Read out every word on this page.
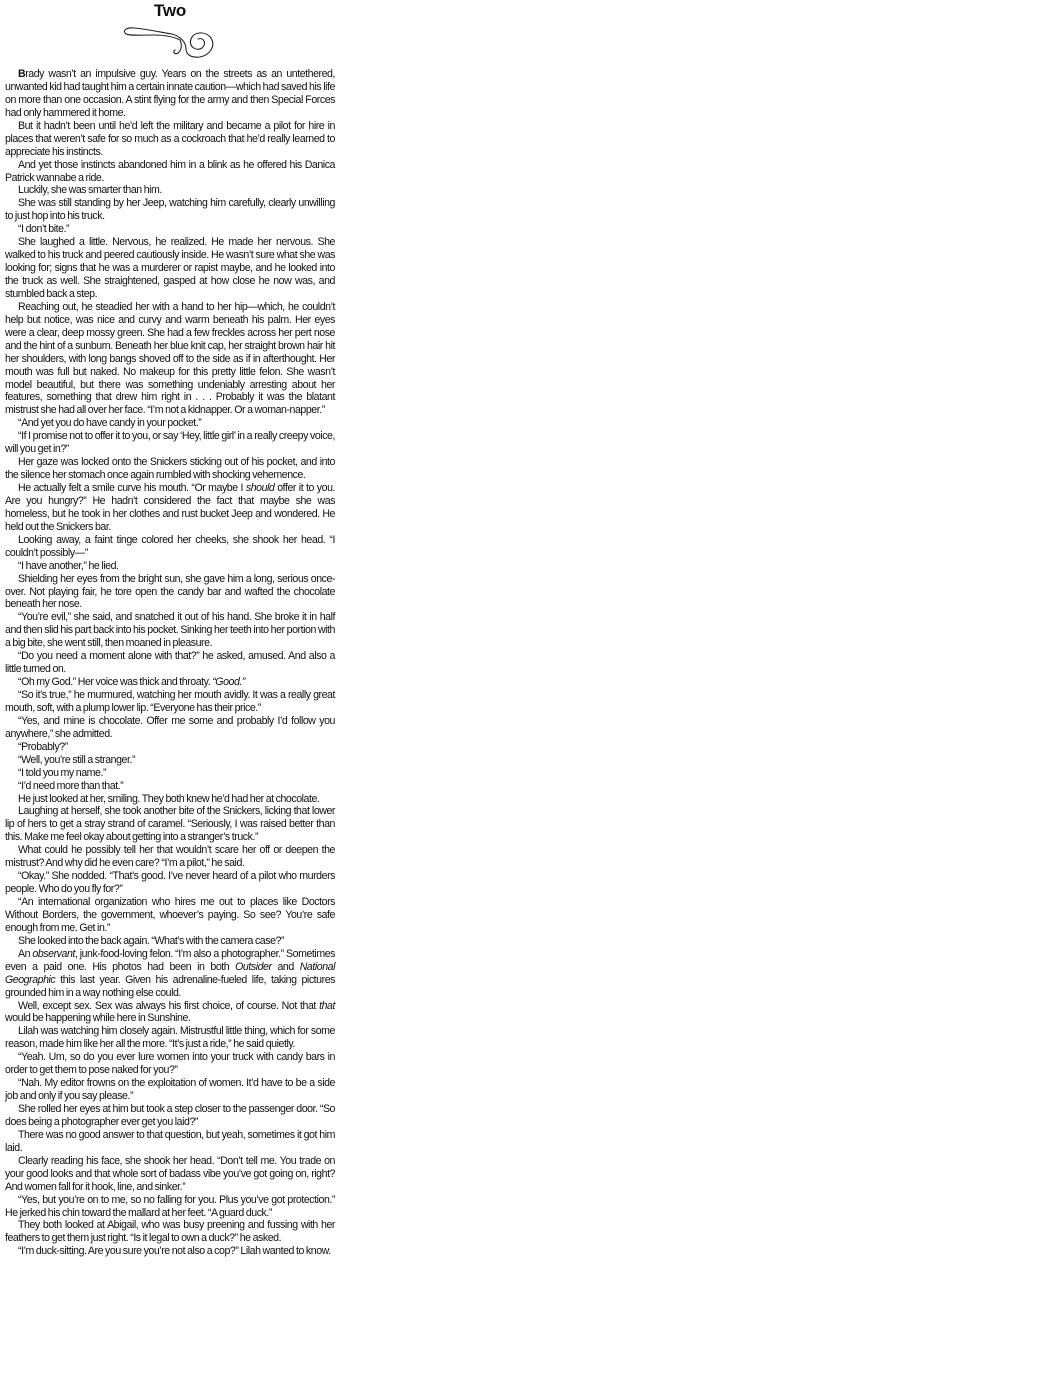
Two

Brady wasn’t an impulsive guy. Years on the streets as an untethered, unwanted kid had taught him a certain innate caution—which had saved his life on more than one occasion. A stint flying for the army and then Special Forces had only hammered it home.

But it hadn’t been until he’d left the military and became a pilot for hire in places that weren’t safe for so much as a cockroach that he’d really learned to appreciate his instincts.

And yet those instincts abandoned him in a blink as he offered his Danica Patrick wannabe a ride.

Luckily, she was smarter than him.

She was still standing by her Jeep, watching him carefully, clearly unwilling to just hop into his truck.

“I don’t bite.”

She laughed a little. Nervous, he realized. He made her nervous. She walked to his truck and peered cautiously inside. He wasn’t sure what she was looking for; signs that he was a murderer or rapist maybe, and he looked into the truck as well. She straightened, gasped at how close he now was, and stumbled back a step.

Reaching out, he steadied her with a hand to her hip—which, he couldn’t help but notice, was nice and curvy and warm beneath his palm. Her eyes were a clear, deep mossy green. She had a few freckles across her pert nose and the hint of a sunburn. Beneath her blue knit cap, her straight brown hair hit her shoulders, with long bangs shoved off to the side as if in afterthought. Her mouth was full but naked. No makeup for this pretty little felon. She wasn’t model beautiful, but there was something undeniably arresting about her features, something that drew him right in . . . Probably it was the blatant mistrust she had all over her face. “I’m not a kidnapper. Or a woman-napper.”

“And yet you do have candy in your pocket.”

“If I promise not to offer it to you, or say ‘Hey, little girl’ in a really creepy voice, will you get in?”

Her gaze was locked onto the Snickers sticking out of his pocket, and into the silence her stomach once again rumbled with shocking vehemence.

He actually felt a smile curve his mouth. “Or maybe I should offer it to you. Are you hungry?” He hadn’t considered the fact that maybe she was homeless, but he took in her clothes and rust bucket Jeep and wondered. He held out the Snickers bar.

Looking away, a faint tinge colored her cheeks, she shook her head. “I couldn’t possibly—”

“I have another,” he lied.

Shielding her eyes from the bright sun, she gave him a long, serious once-over. Not playing fair, he tore open the candy bar and wafted the chocolate beneath her nose.

“You’re evil,” she said, and snatched it out of his hand. She broke it in half and then slid his part back into his pocket. Sinking her teeth into her portion with a big bite, she went still, then moaned in pleasure.

“Do you need a moment alone with that?” he asked, amused. And also a little turned on.

“Oh my God.” Her voice was thick and throaty. “Good.”

“So it’s true,” he murmured, watching her mouth avidly. It was a really great mouth, soft, with a plump lower lip. “Everyone has their price.”

“Yes, and mine is chocolate. Offer me some and probably I’d follow you anywhere,” she admitted.

“Probably?”

“Well, you’re still a stranger.”

“I told you my name.”

“I’d need more than that.”

He just looked at her, smiling. They both knew he’d had her at chocolate.

Laughing at herself, she took another bite of the Snickers, licking that lower lip of hers to get a stray strand of caramel. “Seriously, I was raised better than this. Make me feel okay about getting into a stranger’s truck.”

What could he possibly tell her that wouldn’t scare her off or deepen the mistrust? And why did he even care? “I’m a pilot,” he said.

“Okay.” She nodded. “That’s good. I’ve never heard of a pilot who murders people. Who do you fly for?”

“An international organization who hires me out to places like Doctors Without Borders, the government, whoever’s paying. So see? You’re safe enough from me. Get in.”

She looked into the back again. “What’s with the camera case?”

An observant, junk-food-loving felon. “I’m also a photographer.” Sometimes even a paid one. His photos had been in both Outsider and National Geographic this last year. Given his adrenaline-fueled life, taking pictures grounded him in a way nothing else could.

Well, except sex. Sex was always his first choice, of course. Not that that would be happening while here in Sunshine.

Lilah was watching him closely again. Mistrustful little thing, which for some reason, made him like her all the more. “It’s just a ride,” he said quietly.

“Yeah. Um, so do you ever lure women into your truck with candy bars in order to get them to pose naked for you?”

“Nah. My editor frowns on the exploitation of women. It’d have to be a side job and only if you say please.”

She rolled her eyes at him but took a step closer to the passenger door. “So does being a photographer ever get you laid?”

There was no good answer to that question, but yeah, sometimes it got him laid.

Clearly reading his face, she shook her head. “Don’t tell me. You trade on your good looks and that whole sort of badass vibe you’ve got going on, right? And women fall for it hook, line, and sinker.”

“Yes, but you’re on to me, so no falling for you. Plus you’ve got protection.” He jerked his chin toward the mallard at her feet. “A guard duck.”

They both looked at Abigail, who was busy preening and fussing with her feathers to get them just right. “Is it legal to own a duck?” he asked.

“I’m duck-sitting. Are you sure you’re not also a cop?” Lilah wanted to know.
